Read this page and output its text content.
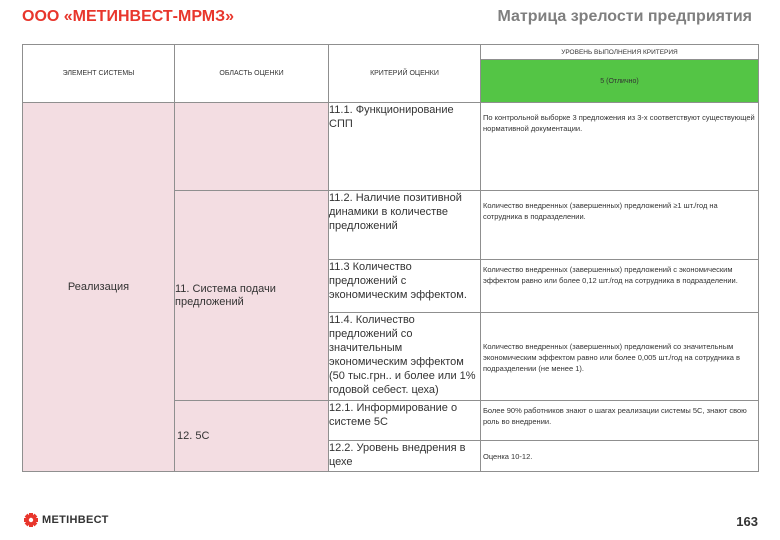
ООО «МЕТИНВЕСТ-МРМЗ»	Матрица зрелости предприятия
ЭЛЕМЕНТ СИСТЕМЫ	ОБЛАСТЬ ОЦЕНКИ	КРИТЕРИЙ ОЦЕНКИ	УРОВЕНЬ ВЫПОЛНЕНИЯ КРИТЕРИЯ
			5 (Отлично)
Реализация		11.1. Функционирование СПП	По контрольной выборке 3 предложения из 3-х соответствуют существующей нормативной документации.
	11. Система подачи предложений	11.2. Наличие позитивной динамики в количестве предложений	Количество внедренных (завершенных) предложений ≥1 шт./год на сотрудника в подразделении.
		11.3 Количество предложений с экономическим эффектом.	Количество внедренных (завершенных) предложений с экономическим эффектом равно или более 0,12 шт./год на сотрудника в подразделении.
		11.4. Количество предложений со значительным экономическим эффектом (50 тыс.грн.. и более или 1% годовой себест. цеха)	Количество внедренных (завершенных) предложений со значительным экономическим эффектом равно или более 0,005 шт./год на сотрудника в подразделении (не менее 1).
	12. 5С	12.1. Информирование о системе 5С	Более 90% работников знают о шагах реализации системы 5С, знают свою роль во внедрении.
		12.2. Уровень внедрения в цехе	Оценка 10-12.
МЕТІНВЕСТ	163
